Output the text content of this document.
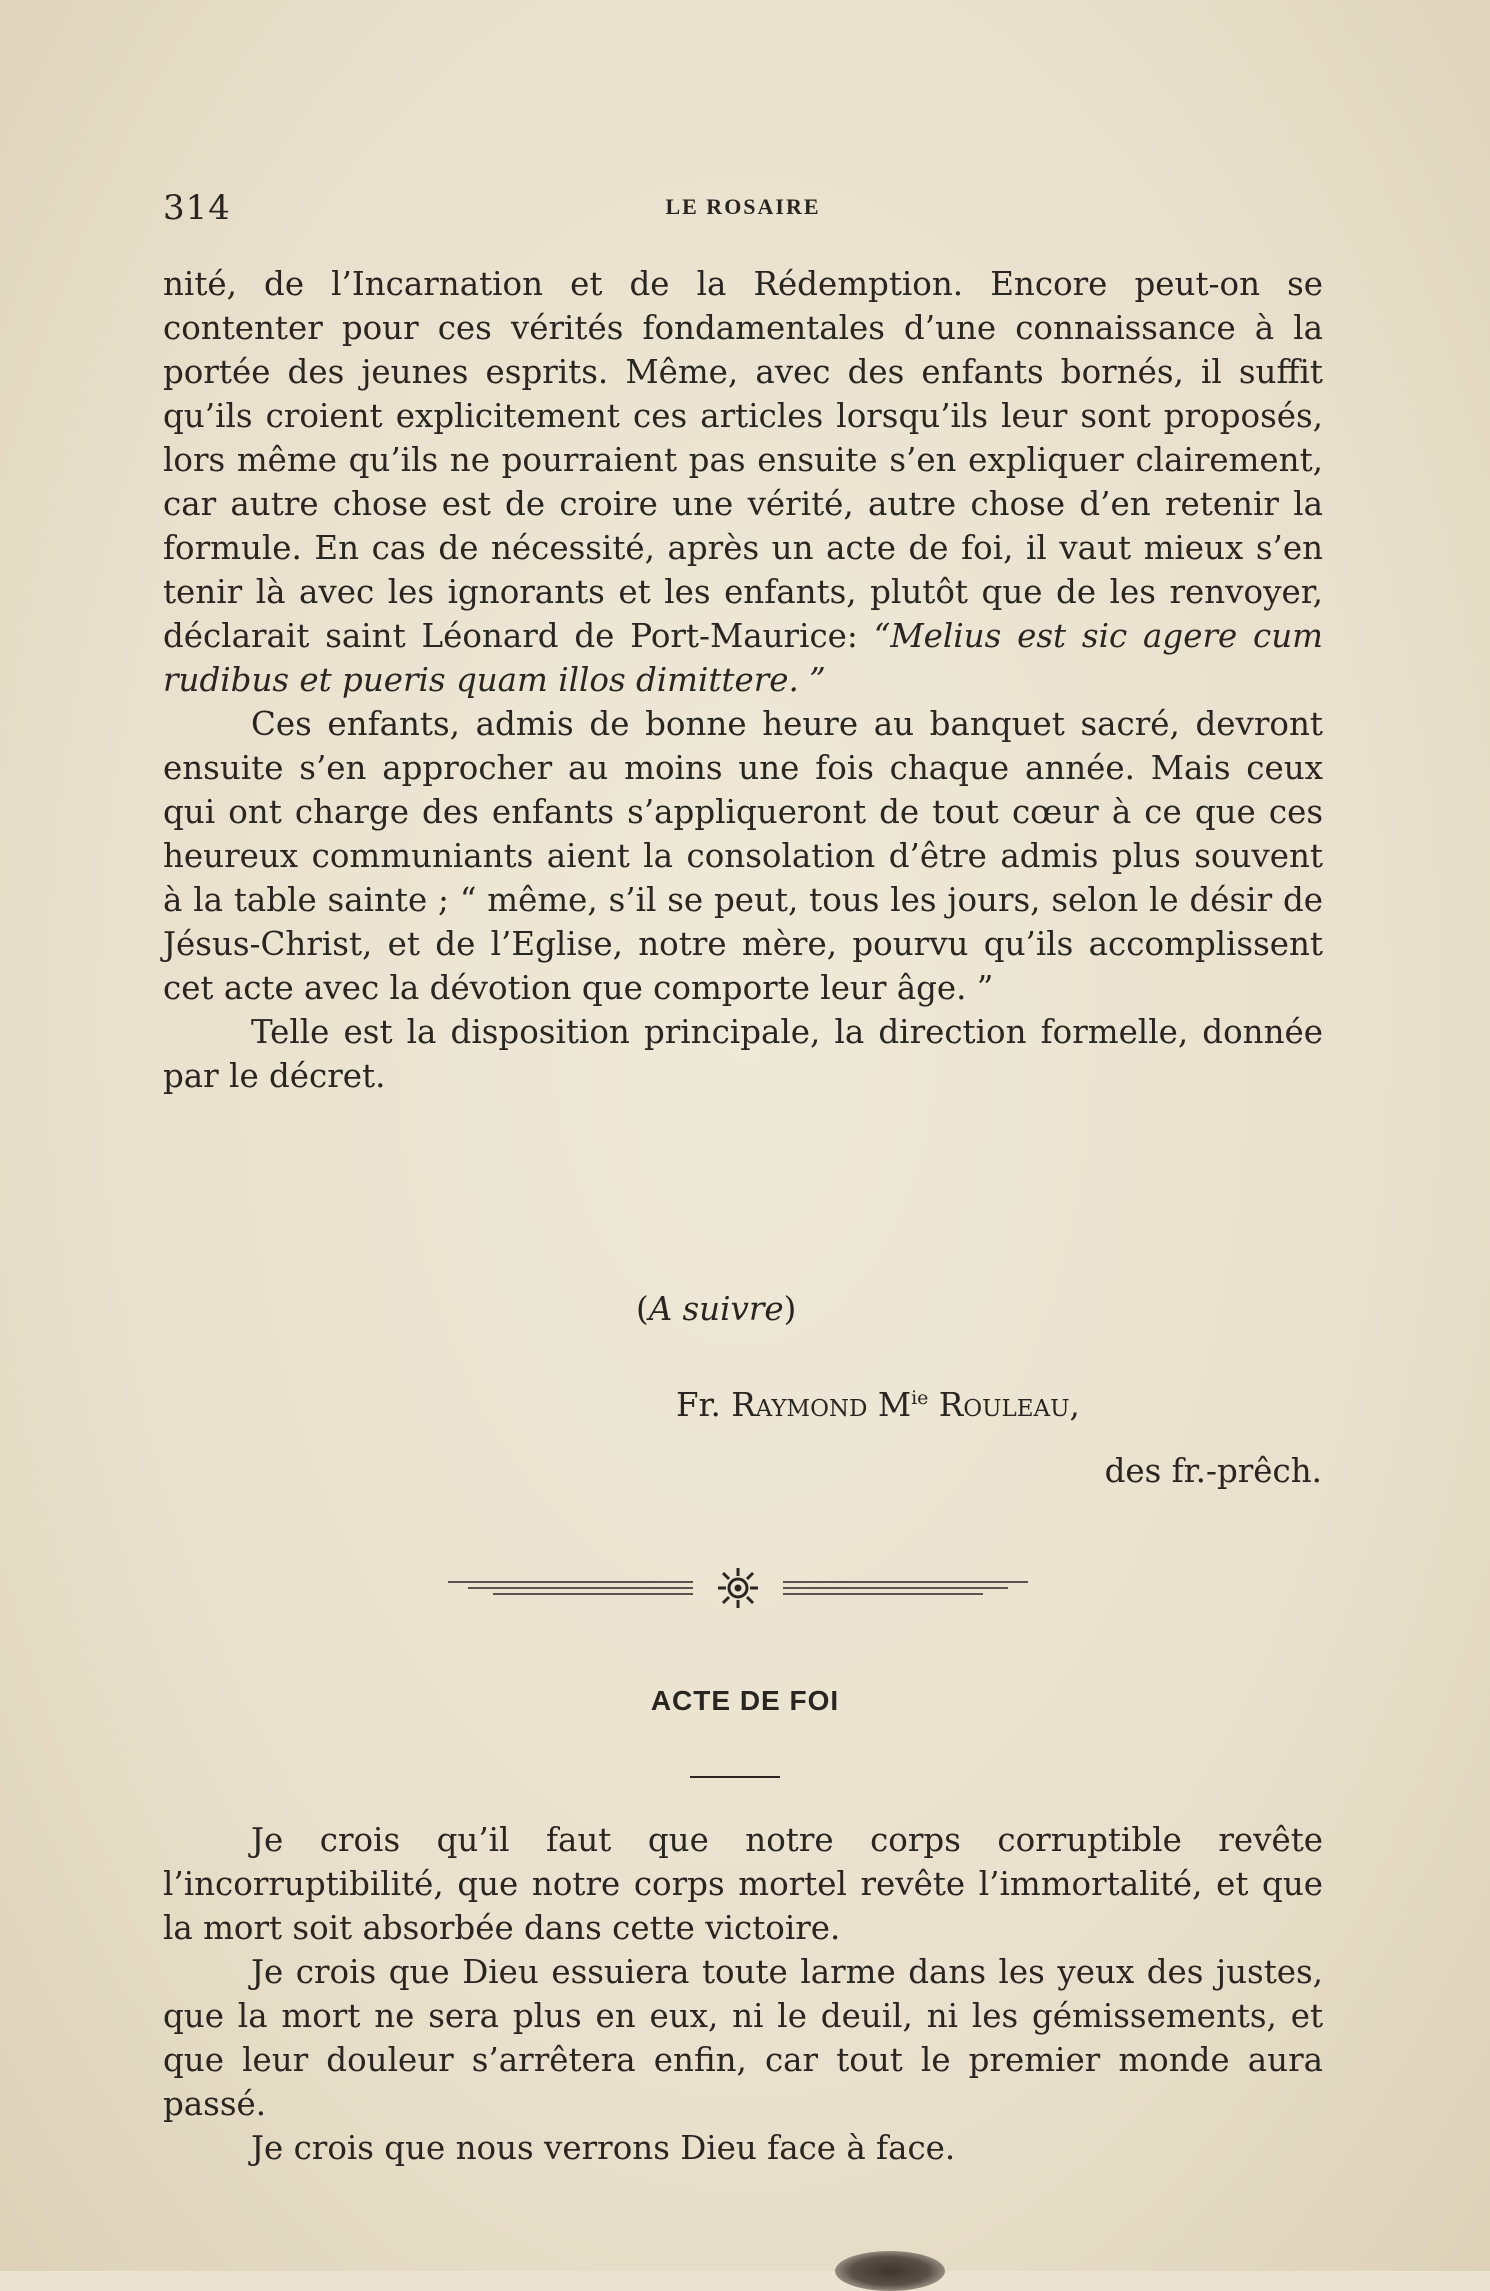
314	LE ROSAIRE

nité, de l’Incarnation et de la Rédemption. Encore peut-on se contenter pour ces vérités fondamentales d’une connaissance à la portée des jeunes esprits. Même, avec des enfants bornés, il suffit qu’ils croient explicitement ces articles lorsqu’ils leur sont proposés, lors même qu’ils ne pourraient pas ensuite s’en expliquer clairement, car autre chose est de croire une vérité, autre chose d’en retenir la formule. En cas de nécessité, après un acte de foi, il vaut mieux s’en tenir là avec les ignorants et les enfants, plutôt que de les renvoyer, déclarait saint Léonard de Port-Maurice: “Melius est sic agere cum rudibus et pueris quam illos dimittere. ”

Ces enfants, admis de bonne heure au banquet sacré, devront ensuite s’en approcher au moins une fois chaque année. Mais ceux qui ont charge des enfants s’appliqueront de tout cœur à ce que ces heureux communiants aient la consolation d’être admis plus souvent à la table sainte ; “ même, s’il se peut, tous les jours, selon le désir de Jésus-Christ, et de l’Eglise, notre mère, pourvu qu’ils accomplissent cet acte avec la dévotion que comporte leur âge. ”

Telle est la disposition principale, la direction formelle, donnée par le décret.

(A suivre)
Fr. Raymond $M^{ie}$ Rouleau,
des fr.-prêch.
ACTE DE FOI

Je crois qu’il faut que notre corps corruptible revête l’incorruptibilité, que notre corps mortel revête l’immortalité, et que la mort soit absorbée dans cette victoire.

Je crois que Dieu essuiera toute larme dans les yeux des justes, que la mort ne sera plus en eux, ni le deuil, ni les gémissements, et que leur douleur s’arrêtera enfin, car tout le premier monde aura passé.

Je crois que nous verrons Dieu face à face.
